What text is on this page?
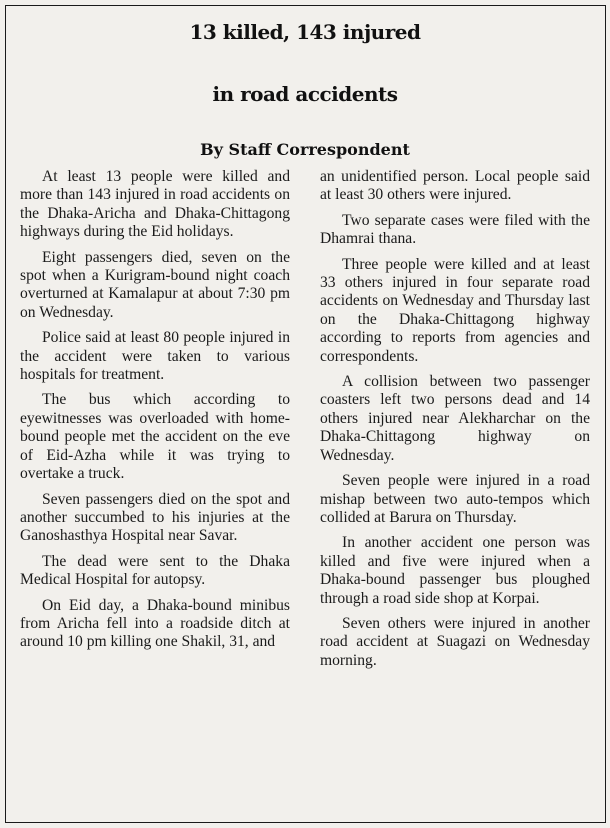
13 killed, 143 injured
in road accidents
By Staff Correspondent

At least 13 people were killed and more than 143 injured in road accidents on the Dhaka-Aricha and Dhaka-Chittagong highways during the Eid holidays.

Eight passengers died, seven on the spot when a Kurigram-bound night coach overturned at Kamalapur at about 7:30 pm on Wednesday.

Police said at least 80 people injured in the accident were taken to various hospitals for treatment.

The bus which according to eyewitnesses was overloaded with home-bound people met the accident on the eve of Eid-Azha while it was trying to overtake a truck.

Seven passengers died on the spot and another succumbed to his injuries at the Ganoshasthya Hospital near Savar.

The dead were sent to the Dhaka Medical Hospital for autopsy.

On Eid day, a Dhaka-bound minibus from Aricha fell into a roadside ditch at around 10 pm killing one Shakil, 31, and

an unidentified person. Local people said at least 30 others were injured.

Two separate cases were filed with the Dhamrai thana.

Three people were killed and at least 33 others injured in four separate road accidents on Wednesday and Thursday last on the Dhaka-Chittagong highway according to reports from agencies and correspondents.

A collision between two passenger coasters left two persons dead and 14 others injured near Alekharchar on the Dhaka-Chittagong highway on Wednesday.

Seven people were injured in a road mishap between two auto-tempos which collided at Barura on Thursday.

In another accident one person was killed and five were injured when a Dhaka-bound passenger bus ploughed through a road side shop at Korpai.

Seven others were injured in another road accident at Suagazi on Wednesday morning.
